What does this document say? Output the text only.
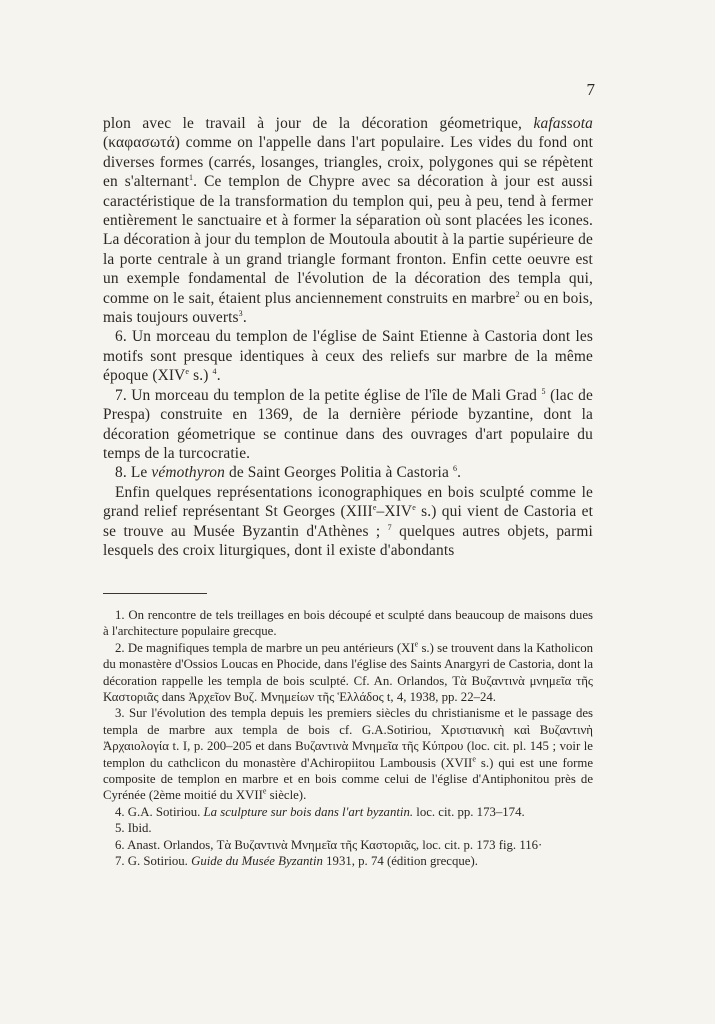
7

plon avec le travail à jour de la décoration géometrique, kafassota (καφασωτά) comme on l'appelle dans l'art populaire. Les vides du fond ont diverses formes (carrés, losanges, triangles, croix, polygones qui se répètent en s'alternant$^1$. Ce templon de Chypre avec sa décoration à jour est aussi caractéristique de la transformation du templon qui, peu à peu, tend à fermer entièrement le sanctuaire et à former la séparation où sont placées les icones. La décoration à jour du templon de Moutoula aboutit à la partie supérieure de la porte centrale à un grand triangle formant fronton. Enfin cette oeuvre est un exemple fondamental de l'évolution de la décoration des templa qui, comme on le sait, étaient plus anciennement construits en marbre$^2$ ou en bois, mais toujours ouverts$^3$.

6. Un morceau du templon de l'église de Saint Etienne à Castoria dont les motifs sont presque identiques à ceux des reliefs sur marbre de la même époque (XIVe s.) $^4$.

7. Un morceau du templon de la petite église de l'île de Mali Grad $^5$ (lac de Prespa) construite en 1369, de la dernière période byzantine, dont la décoration géometrique se continue dans des ouvrages d'art populaire du temps de la turcocratie.

8. Le vémothyron de Saint Georges Politia à Castoria $^6$.

Enfin quelques représentations iconographiques en bois sculpté comme le grand relief représentant St Georges (XIIIe–XIVe s.) qui vient de Castoria et se trouve au Musée Byzantin d'Athènes ; $^7$ quelques autres objets, parmi lesquels des croix liturgiques, dont il existe d'abondants

1. On rencontre de tels treillages en bois découpé et sculpté dans beaucoup de maisons dues à l'architecture populaire grecque.

2. De magnifiques templa de marbre un peu antérieurs (XIe s.) se trouvent dans la Katholicon du monastère d'Ossios Loucas en Phocide, dans l'église des Saints Anargyri de Castoria, dont la décoration rappelle les templa de bois sculpté. Cf. An. Orlandos, Τὰ Βυζαντινὰ μνημεῖα τῆς Καστοριᾶς dans Ἀρχεῖον Βυζ. Μνημείων τῆς Ἑλλάδος t, 4, 1938, pp. 22–24.

3. Sur l'évolution des templa depuis les premiers siècles du christianisme et le passage des templa de marbre aux templa de bois cf. G.A.Sotiriou, Χριστιανικὴ καὶ Βυζαντινὴ Ἀρχαιολογία t. I, p. 200–205 et dans Βυζαντινὰ Μνημεῖα τῆς Κύπρου (loc. cit. pl. 145 ; voir le templon du cathclicon du monastère d'Achiropiitou Lambousis (XVIIe s.) qui est une forme composite de templon en marbre et en bois comme celui de l'église d'Antiphonitou près de Cyrénée (2ème moitié du XVIIe siècle).

4. G.A. Sotiriou. La sculpture sur bois dans l'art byzantin. loc. cit. pp. 173–174.

5. Ibid.

6. Anast. Orlandos, Τὰ Βυζαντινὰ Μνημεῖα τῆς Καστοριᾶς, loc. cit. p. 173 fig. 116·

7. G. Sotiriou. Guide du Musée Byzantin 1931, p. 74 (édition grecque).
